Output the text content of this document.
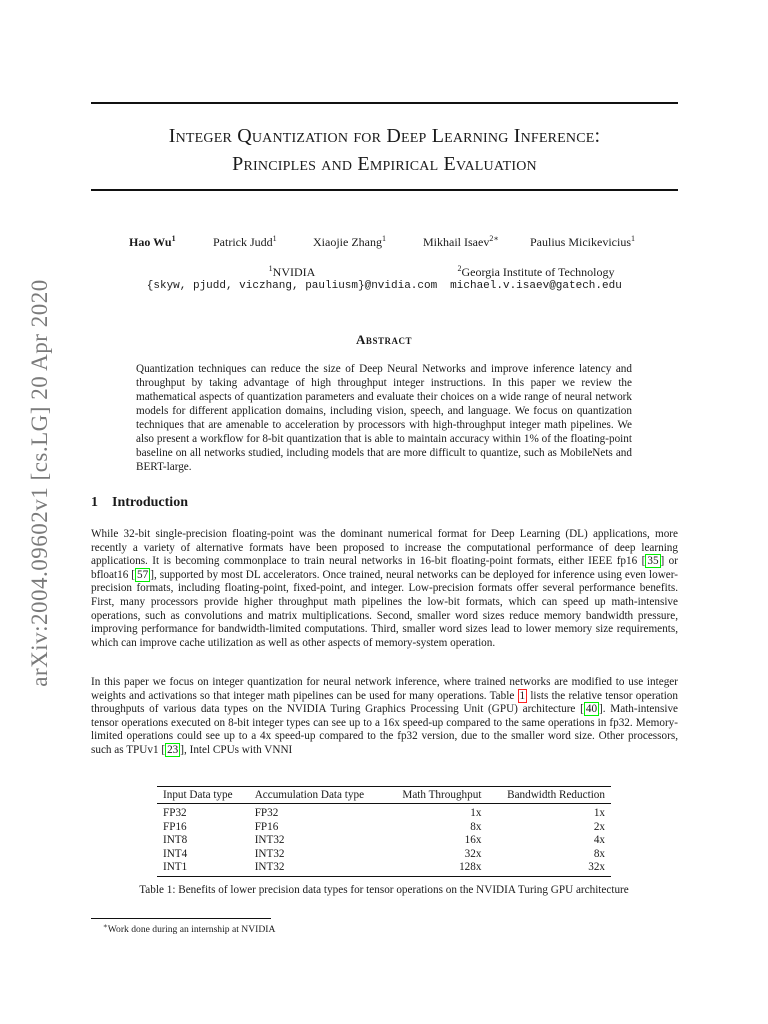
arXiv:2004.09602v1 [cs.LG] 20 Apr 2020
Integer Quantization for Deep Learning Inference:
Principles and Empirical Evaluation
Hao Wu$^1$	Patrick Judd$^1$	Xiaojie Zhang$^1$	Mikhail Isaev$^{2∗}$	Paulius Micikevicius$^1$
$^1$NVIDIA
{skyw, pjudd, viczhang, pauliusm}@nvidia.com
$^2$Georgia Institute of Technology
michael.v.isaev@gatech.edu
Abstract
Quantization techniques can reduce the size of Deep Neural Networks and improve inference latency and throughput by taking advantage of high throughput integer instructions. In this paper we review the mathematical aspects of quantization parameters and evaluate their choices on a wide range of neural network models for different application domains, including vision, speech, and language. We focus on quantization techniques that are amenable to acceleration by processors with high-throughput integer math pipelines. We also present a workflow for 8-bit quantization that is able to maintain accuracy within 1% of the floating-point baseline on all networks studied, including models that are more difficult to quantize, such as MobileNets and BERT-large.
1 Introduction
While 32-bit single-precision floating-point was the dominant numerical format for Deep Learning (DL) applications, more recently a variety of alternative formats have been proposed to increase the computational performance of deep learning applications. It is becoming commonplace to train neural networks in 16-bit floating-point formats, either IEEE fp16 [ 35 ] or bfloat16 [ 57 ], supported by most DL accelerators. Once trained, neural networks can be deployed for inference using even lower-precision formats, including floating-point, fixed-point, and integer. Low-precision formats offer several performance benefits. First, many processors provide higher throughput math pipelines the low-bit formats, which can speed up math-intensive operations, such as convolutions and matrix multiplications. Second, smaller word sizes reduce memory bandwidth pressure, improving performance for bandwidth-limited computations. Third, smaller word sizes lead to lower memory size requirements, which can improve cache utilization as well as other aspects of memory-system operation.
In this paper we focus on integer quantization for neural network inference, where trained networks are modified to use integer weights and activations so that integer math pipelines can be used for many operations. Table 1 lists the relative tensor operation throughputs of various data types on the NVIDIA Turing Graphics Processing Unit (GPU) architecture [ 40 ]. Math-intensive tensor operations executed on 8-bit integer types can see up to a 16x speed-up compared to the same operations in fp32. Memory-limited operations could see up to a 4x speed-up compared to the fp32 version, due to the smaller word size. Other processors, such as TPUv1 [ 23 ], Intel CPUs with VNNI
Input Data type	Accumulation Data type	Math Throughput	Bandwidth Reduction
FP32	FP32	1x	1x
FP16	FP16	8x	2x
INT8	INT32	16x	4x
INT4	INT32	32x	8x
INT1	INT32	128x	32x
Table 1: Benefits of lower precision data types for tensor operations on the NVIDIA Turing GPU architecture
∗Work done during an internship at NVIDIA
